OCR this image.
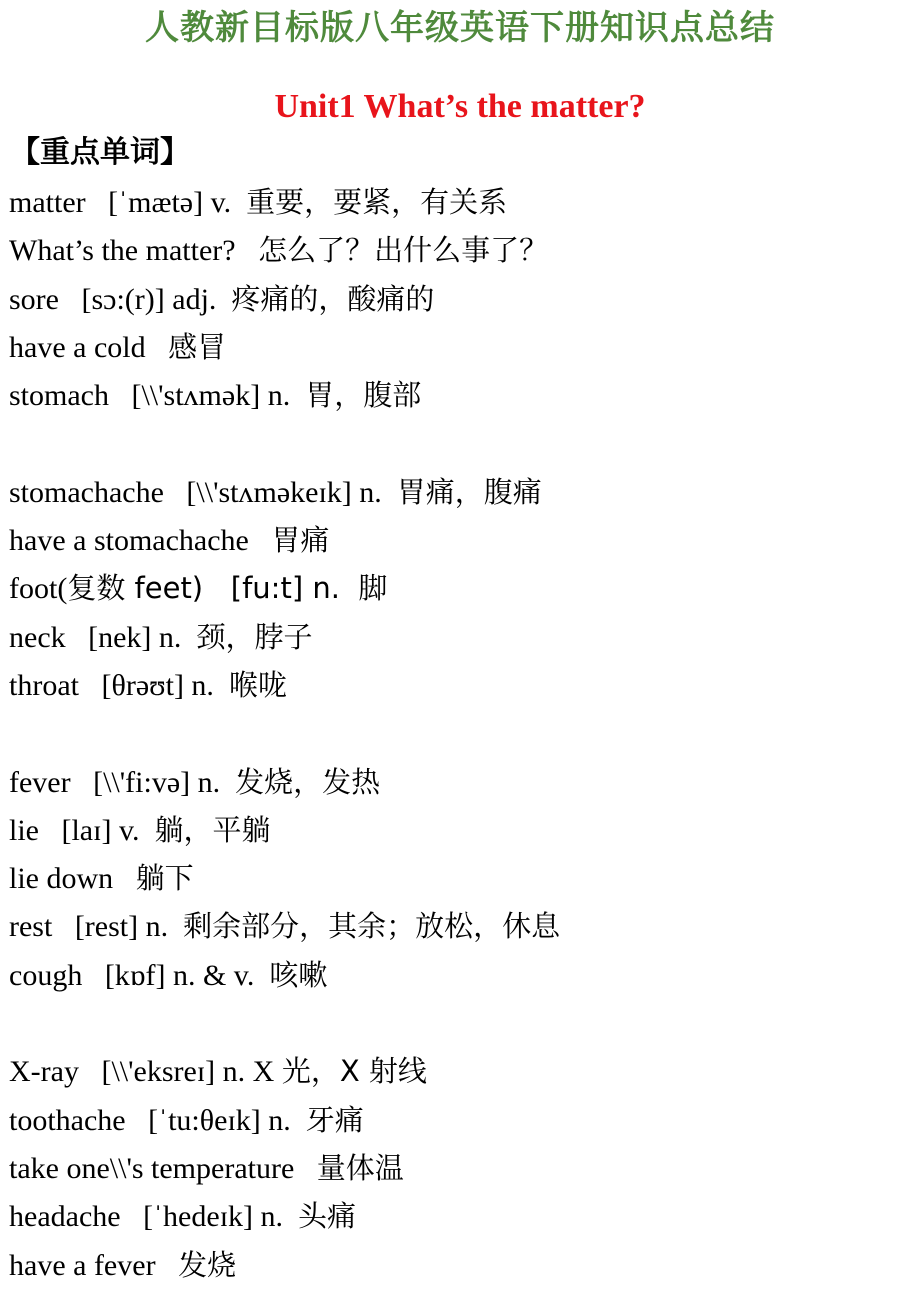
人教新目标版八年级英语下册知识点总结
Unit1 What’s the matter?
【重点单词】
matter   [ˈmætə] v.  重要，要紧，有关系
What’s the matter?   怎么了？出什么事了？
sore   [sɔ:(r)] adj.  疼痛的，酸痛的
have a cold   感冒
stomach   [\\'stʌmək] n.  胃，腹部
stomachache   [\\'stʌməkeɪk] n.  胃痛，腹痛
have a stomachache   胃痛
foot(复数 feet)   [fu:t] n.  脚
neck   [nek] n.  颈，脖子
throat   [θrəʊt] n.  喉咙
fever   [\\'fi:və] n.  发烧，发热
lie   [laɪ] v.  躺，平躺
lie down   躺下
rest   [rest] n.  剩余部分，其余；放松，休息
cough   [kɒf] n. & v.  咳嗽
X-ray   [\\'eksreɪ] n. X 光，X 射线
toothache   [ˈtu:θeɪk] n.  牙痛
take one\\'s temperature   量体温
headache   [ˈhedeɪk] n.  头痛
have a fever   发烧
